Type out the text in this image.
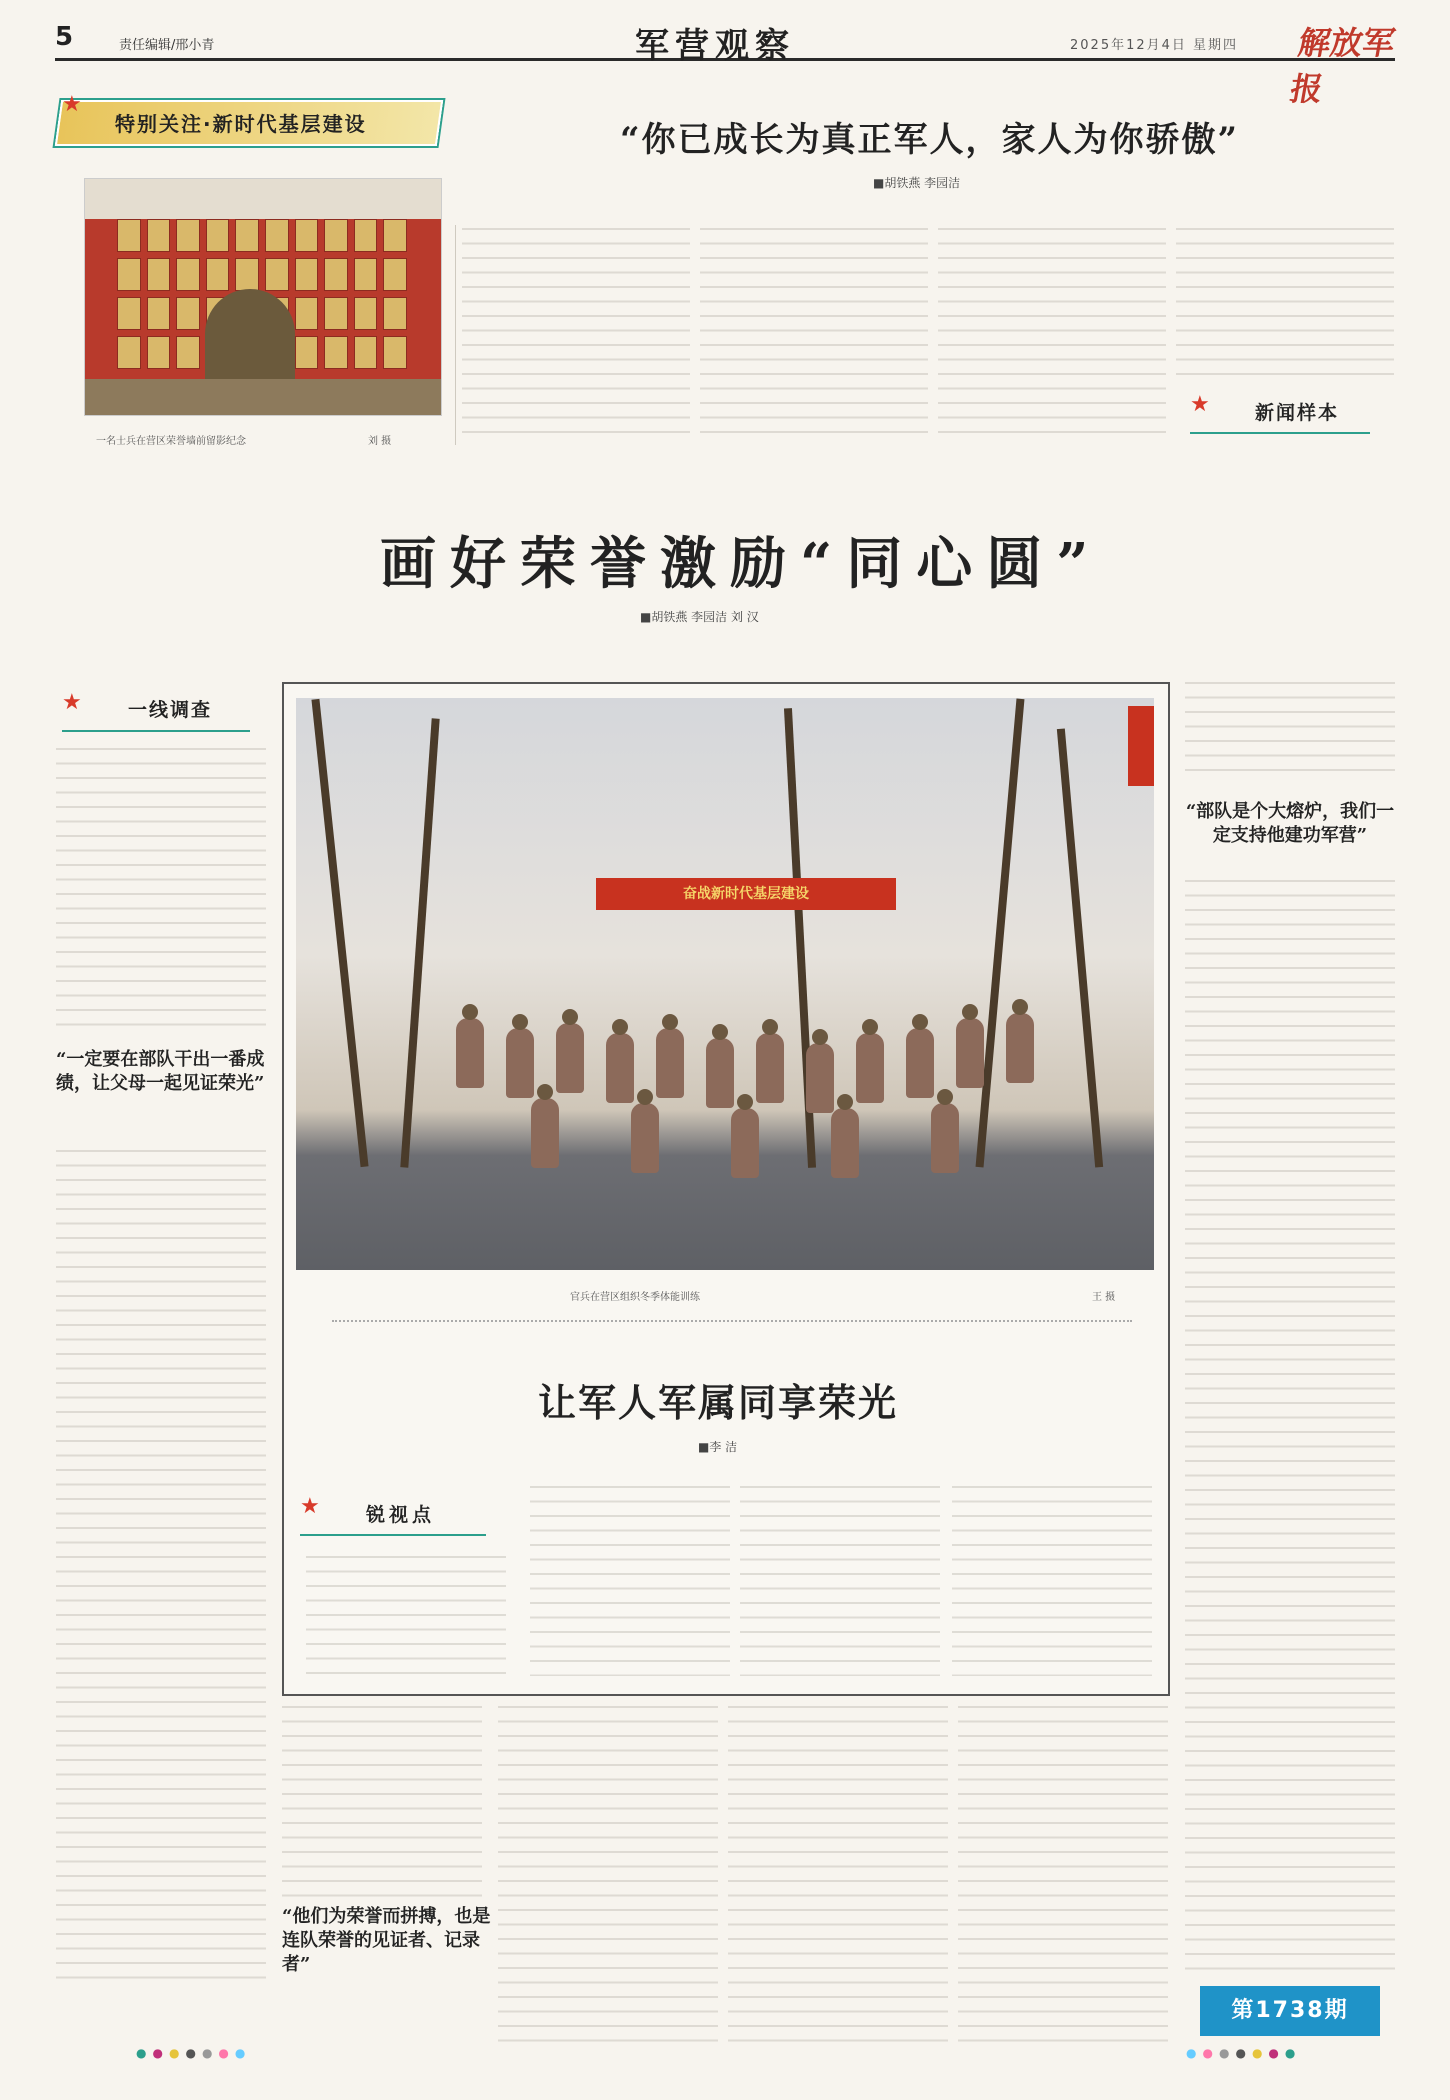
5	责任编辑/邢小青	军营观察	2025年12月4日 星期四 解放军报
★
特别关注·新时代基层建设	“你已成长为真正军人，家人为你骄傲”
■胡铁燕 李园洁
一名士兵在营区荣誉墙前留影纪念	刘 摄
★ 新闻样本
画好荣誉激励“同心圆”
■胡铁燕 李园洁 刘 汉
★ 一线调查
“一定要在部队干出一番成绩，让父母一起见证荣光”
“他们为荣誉而拼搏，也是连队荣誉的见证者、记录者”
“部队是个大熔炉，我们一定支持他建功军营”
奋战新时代基层建设
官兵在营区组织冬季体能训练	王 摄
让军人军属同享荣光
■李 洁
★ 锐视点
第1738期
●●●●●●●	●●●●●●●
